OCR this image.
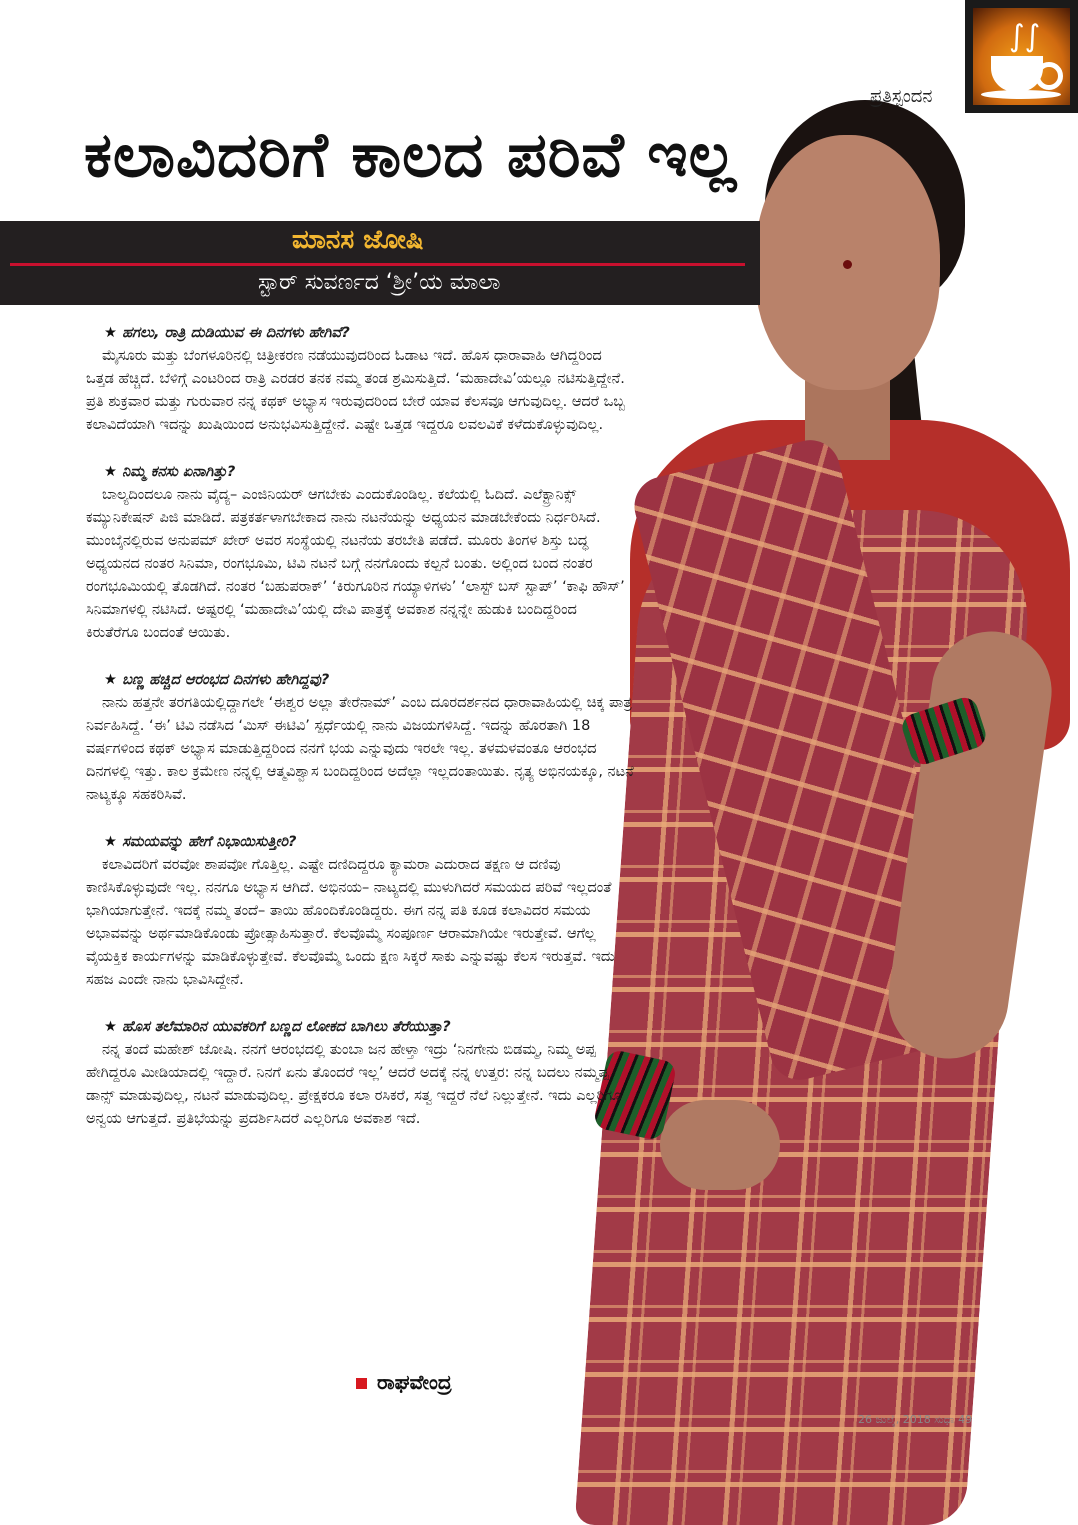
∫∫
ಪ್ರತಿಸ್ಪಂದನ
ಕಲಾವಿದರಿಗೆ ಕಾಲದ ಪರಿವೆ ಇಲ್ಲ
ಮಾನಸ ಜೋಷಿ
ಸ್ಟಾರ್ ಸುವರ್ಣದ ‘ಶ್ರೀ’ಯ ಮಾಲಾ

★ ಹಗಲು, ರಾತ್ರಿ ದುಡಿಯುವ ಈ ದಿನಗಳು ಹೇಗಿವೆ?

ಮೈಸೂರು ಮತ್ತು ಬೆಂಗಳೂರಿನಲ್ಲಿ ಚಿತ್ರೀಕರಣ ನಡೆಯುವುದರಿಂದ ಓಡಾಟ ಇದೆ. ಹೊಸ ಧಾರಾವಾಹಿ ಆಗಿದ್ದರಿಂದ ಒತ್ತಡ ಹೆಚ್ಚಿದೆ. ಬೆಳಿಗ್ಗೆ ಎಂಟರಿಂದ ರಾತ್ರಿ ಎರಡರ ತನಕ ನಮ್ಮ ತಂಡ ಶ್ರಮಿಸುತ್ತಿದೆ. ‘ಮಹಾದೇವಿ’ಯಲ್ಲೂ ನಟಿಸುತ್ತಿದ್ದೇನೆ. ಪ್ರತಿ ಶುಕ್ರವಾರ ಮತ್ತು ಗುರುವಾರ ನನ್ನ ಕಥಕ್ ಅಭ್ಯಾಸ ಇರುವುದರಿಂದ ಬೇರೆ ಯಾವ ಕೆಲಸವೂ ಆಗುವುದಿಲ್ಲ. ಆದರೆ ಒಬ್ಬ ಕಲಾವಿದೆಯಾಗಿ ಇದನ್ನು ಖುಷಿಯಿಂದ ಅನುಭವಿಸುತ್ತಿದ್ದೇನೆ. ಎಷ್ಟೇ ಒತ್ತಡ ಇದ್ದರೂ ಲವಲವಿಕೆ ಕಳೆದುಕೊಳ್ಳುವುದಿಲ್ಲ.

★ ನಿಮ್ಮ ಕನಸು ಏನಾಗಿತ್ತು?

ಬಾಲ್ಯದಿಂದಲೂ ನಾನು ವೈದ್ಯ– ಎಂಜಿನಿಯರ್ ಆಗಬೇಕು ಎಂದುಕೊಂಡಿಲ್ಲ. ಕಲೆಯಲ್ಲಿ ಓದಿದೆ. ಎಲೆಕ್ಟ್ರಾನಿಕ್ಸ್ ಕಮ್ಯುನಿಕೇಷನ್ ಪಿಜಿ ಮಾಡಿದೆ. ಪತ್ರಕರ್ತಳಾಗಬೇಕಾದ ನಾನು ನಟನೆಯನ್ನು ಅಧ್ಯಯನ ಮಾಡಬೇಕೆಂದು ನಿರ್ಧರಿಸಿದೆ. ಮುಂಬೈನಲ್ಲಿರುವ ಅನುಪಮ್ ಖೇರ್ ಅವರ ಸಂಸ್ಥೆಯಲ್ಲಿ ನಟನೆಯ ತರಬೇತಿ ಪಡೆದೆ. ಮೂರು ತಿಂಗಳ ಶಿಸ್ತು ಬದ್ಧ ಅಧ್ಯಯನದ ನಂತರ ಸಿನಿಮಾ, ರಂಗಭೂಮಿ, ಟಿವಿ ನಟನೆ ಬಗ್ಗೆ ನನಗೊಂದು ಕಲ್ಪನೆ ಬಂತು. ಅಲ್ಲಿಂದ ಬಂದ ನಂತರ ರಂಗಭೂಮಿಯಲ್ಲಿ ತೊಡಗಿದೆ. ನಂತರ ‘ಬಹುಪರಾಕ್’ ‘ಕಿರುಗೂರಿನ ಗಯ್ಯಾಳಿಗಳು’ ‘ಲಾಸ್ಟ್ ಬಸ್ ಸ್ಟಾಪ್’ ‘ಕಾಫಿ ಹೌಸ್’ ಸಿನಿಮಾಗಳಲ್ಲಿ ನಟಿಸಿದೆ. ಅಷ್ಟರಲ್ಲಿ ‘ಮಹಾದೇವಿ’ಯಲ್ಲಿ ದೇವಿ ಪಾತ್ರಕ್ಕೆ ಅವಕಾಶ ನನ್ನನ್ನೇ ಹುಡುಕಿ ಬಂದಿದ್ದರಿಂದ ಕಿರುತೆರೆಗೂ ಬಂದಂತೆ ಆಯಿತು.

★ ಬಣ್ಣ ಹಚ್ಚಿದ ಆರಂಭದ ದಿನಗಳು ಹೇಗಿದ್ದವು?

ನಾನು ಹತ್ತನೇ ತರಗತಿಯಲ್ಲಿದ್ದಾಗಲೇ ‘ಈಶ್ವರ ಅಲ್ಲಾ ತೇರೆನಾಮ್’ ಎಂಬ ದೂರದರ್ಶನದ ಧಾರಾವಾಹಿಯಲ್ಲಿ ಚಿಕ್ಕ ಪಾತ್ರ ನಿರ್ವಹಿಸಿದ್ದೆ. ‘ಈ’ ಟಿವಿ ನಡೆಸಿದ ‘ಮಿಸ್ ಈಟಿವಿ’ ಸ್ಪರ್ಧೆಯಲ್ಲಿ ನಾನು ವಿಜಯಗಳಿಸಿದ್ದೆ. ಇದನ್ನು ಹೊರತಾಗಿ 18 ವರ್ಷಗಳಿಂದ ಕಥಕ್ ಅಭ್ಯಾಸ ಮಾಡುತ್ತಿದ್ದರಿಂದ ನನಗೆ ಭಯ ಎನ್ನುವುದು ಇರಲೇ ಇಲ್ಲ. ತಳಮಳವಂತೂ ಆರಂಭದ ದಿನಗಳಲ್ಲಿ ಇತ್ತು. ಕಾಲ ಕ್ರಮೇಣ ನನ್ನಲ್ಲಿ ಆತ್ಮವಿಶ್ವಾಸ ಬಂದಿದ್ದರಿಂದ ಅದೆಲ್ಲಾ ಇಲ್ಲದಂತಾಯಿತು. ನೃತ್ಯ ಅಭಿನಯಕ್ಕೂ, ನಟನೆ ನಾಟ್ಯಕ್ಕೂ ಸಹಕರಿಸಿವೆ.

★ ಸಮಯವನ್ನು ಹೇಗೆ ನಿಭಾಯಿಸುತ್ತೀರಿ?

ಕಲಾವಿದರಿಗೆ ವರವೋ ಶಾಪವೋ ಗೊತ್ತಿಲ್ಲ. ಎಷ್ಟೇ ದಣಿದಿದ್ದರೂ ಕ್ಯಾಮರಾ ಎದುರಾದ ತಕ್ಷಣ ಆ ದಣಿವು ಕಾಣಿಸಿಕೊಳ್ಳುವುದೇ ಇಲ್ಲ. ನನಗೂ ಅಭ್ಯಾಸ ಆಗಿದೆ. ಅಭಿನಯ– ನಾಟ್ಯದಲ್ಲಿ ಮುಳುಗಿದರೆ ಸಮಯದ ಪರಿವೆ ಇಲ್ಲದಂತೆ ಭಾಗಿಯಾಗುತ್ತೇನೆ. ಇದಕ್ಕೆ ನಮ್ಮ ತಂದೆ– ತಾಯಿ ಹೊಂದಿಕೊಂಡಿದ್ದರು. ಈಗ ನನ್ನ ಪತಿ ಕೂಡ ಕಲಾವಿದರ ಸಮಯ ಅಭಾವವನ್ನು ಅರ್ಥಮಾಡಿಕೊಂಡು ಪ್ರೋತ್ಸಾಹಿಸುತ್ತಾರೆ. ಕೆಲವೊಮ್ಮೆ ಸಂಪೂರ್ಣ ಆರಾಮಾಗಿಯೇ ಇರುತ್ತೇವೆ. ಆಗೆಲ್ಲ ವೈಯಕ್ತಿಕ ಕಾರ್ಯಗಳನ್ನು ಮಾಡಿಕೊಳ್ಳುತ್ತೇವೆ. ಕೆಲವೊಮ್ಮೆ ಒಂದು ಕ್ಷಣ ಸಿಕ್ಕರೆ ಸಾಕು ಎನ್ನುವಷ್ಟು ಕೆಲಸ ಇರುತ್ತವೆ. ಇದು ಸಹಜ ಎಂದೇ ನಾನು ಭಾವಿಸಿದ್ದೇನೆ.

★ ಹೊಸ ತಲೆಮಾರಿನ ಯುವಕರಿಗೆ ಬಣ್ಣದ ಲೋಕದ ಬಾಗಿಲು ತೆರೆಯುತ್ತಾ?

ನನ್ನ ತಂದೆ ಮಹೇಶ್ ಜೋಷಿ. ನನಗೆ ಆರಂಭದಲ್ಲಿ ತುಂಬಾ ಜನ ಹೇಳ್ತಾ ಇದ್ರು ‘ನಿನಗೇನು ಬಿಡಮ್ಮ, ನಿಮ್ಮ ಅಪ್ಪ ಹೇಗಿದ್ದರೂ ಮೀಡಿಯಾದಲ್ಲಿ ಇದ್ದಾರೆ. ನಿನಗೆ ಏನು ತೊಂದರೆ ಇಲ್ಲ’ ಆದರೆ ಅದಕ್ಕೆ ನನ್ನ ಉತ್ತರ: ನನ್ನ ಬದಲು ನಮ್ಮಪ್ಪ ಡಾನ್ಸ್ ಮಾಡುವುದಿಲ್ಲ, ನಟನೆ ಮಾಡುವುದಿಲ್ಲ. ಪ್ರೇಕ್ಷಕರೂ ಕಲಾ ರಸಿಕರೆ, ಸತ್ವ ಇದ್ದರೆ ನೆಲೆ ನಿಲ್ಲುತ್ತೇನೆ. ಇದು ಎಲ್ಲರಿಗೂ ಅನ್ವಯ ಆಗುತ್ತದೆ. ಪ್ರತಿಭೆಯನ್ನು ಪ್ರದರ್ಶಿಸಿದರೆ ಎಲ್ಲರಿಗೂ ಅವಕಾಶ ಇದೆ.

ರಾಘವೇಂದ್ರ
26 ಜುಲೈ, 2018 ಸುಧಾ 49
